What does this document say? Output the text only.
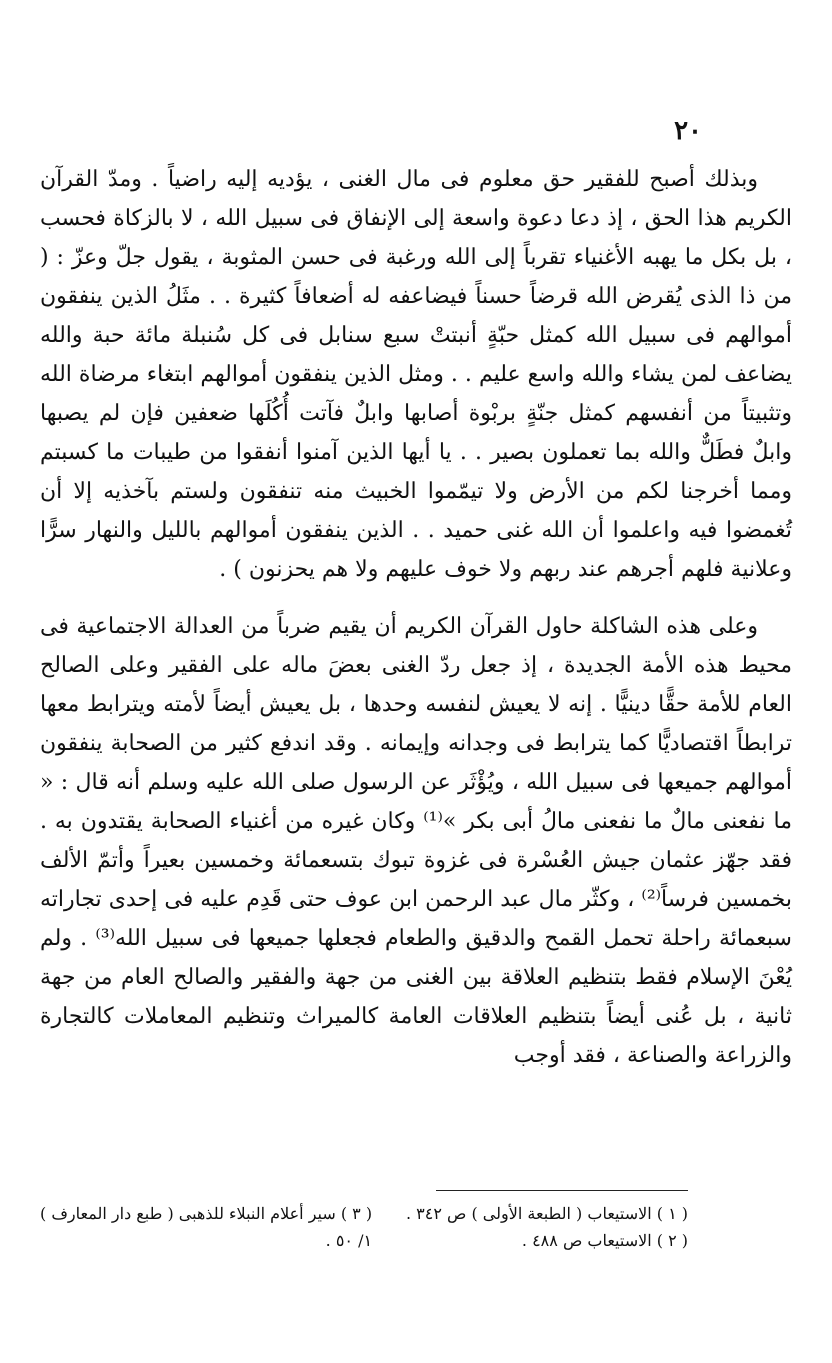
٢٠

وبذلك أصبح للفقير حق معلوم فى مال الغنى ، يؤديه إليه راضياً . ومدّ القرآن الكريم هذا الحق ، إذ دعا دعوة واسعة إلى الإنفاق فى سبيل الله ، لا بالزكاة فحسب ، بل بكل ما يهبه الأغنياء تقرباً إلى الله ورغبة فى حسن المثوبة ، يقول جلّ وعزّ : ( من ذا الذى يُقرض الله قرضاً حسناً فيضاعفه له أضعافاً كثيرة . . مثَلُ الذين ينفقون أموالهم فى سبيل الله كمثل حبّةٍ أنبتتْ سبع سنابل فى كل سُنبلة مائة حبة والله يضاعف لمن يشاء والله واسع عليم . . ومثل الذين ينفقون أموالهم ابتغاء مرضاة الله وتثبيتاً من أنفسهم كمثل جنّةٍ بربْوة أصابها وابلٌ فآتت أُكُلَها ضعفين فإن لم يصبها وابلٌ فطَلٌّ والله بما تعملون بصير . . يا أيها الذين آمنوا أنفقوا من طيبات ما كسبتم ومما أخرجنا لكم من الأرض ولا تيمّموا الخبيث منه تنفقون ولستم بآخذيه إلا أن تُغمضوا فيه واعلموا أن الله غنى حميد . . الذين ينفقون أموالهم بالليل والنهار سرًّا وعلانية فلهم أجرهم عند ربهم ولا خوف عليهم ولا هم يحزنون ) .

وعلى هذه الشاكلة حاول القرآن الكريم أن يقيم ضرباً من العدالة الاجتماعية فى محيط هذه الأمة الجديدة ، إذ جعل ردّ الغنى بعضَ ماله على الفقير وعلى الصالح العام للأمة حقًّا دينيًّا . إنه لا يعيش لنفسه وحدها ، بل يعيش أيضاً لأمته ويترابط معها ترابطاً اقتصاديًّا كما يترابط فى وجدانه وإيمانه . وقد اندفع كثير من الصحابة ينفقون أموالهم جميعها فى سبيل الله ، ويُؤْثَر عن الرسول صلى الله عليه وسلم أنه قال : « ما نفعنى مالٌ ما نفعنى مالُ أبى بكر »⁽¹⁾ وكان غيره من أغنياء الصحابة يقتدون به . فقد جهّز عثمان جيش العُسْرة فى غزوة تبوك بتسعمائة وخمسين بعيراً وأتمّ الألف بخمسين فرساً⁽²⁾ ، وكثّر مال عبد الرحمن ابن عوف حتى قَدِم عليه فى إحدى تجاراته سبعمائة راحلة تحمل القمح والدقيق والطعام فجعلها جميعها فى سبيل الله⁽³⁾ . ولم يُعْنَ الإسلام فقط بتنظيم العلاقة بين الغنى من جهة والفقير والصالح العام من جهة ثانية ، بل عُنى أيضاً بتنظيم العلاقات العامة كالميراث وتنظيم المعاملات كالتجارة والزراعة والصناعة ، فقد أوجب

( ١ ) الاستيعاب ( الطبعة الأولى ) ص ٣٤٢ .
( ٢ ) الاستيعاب ص ٤٨٨ .
( ٣ ) سير أعلام النبلاء للذهبى ( طبع دار المعارف )
١/ ٥٠ .
